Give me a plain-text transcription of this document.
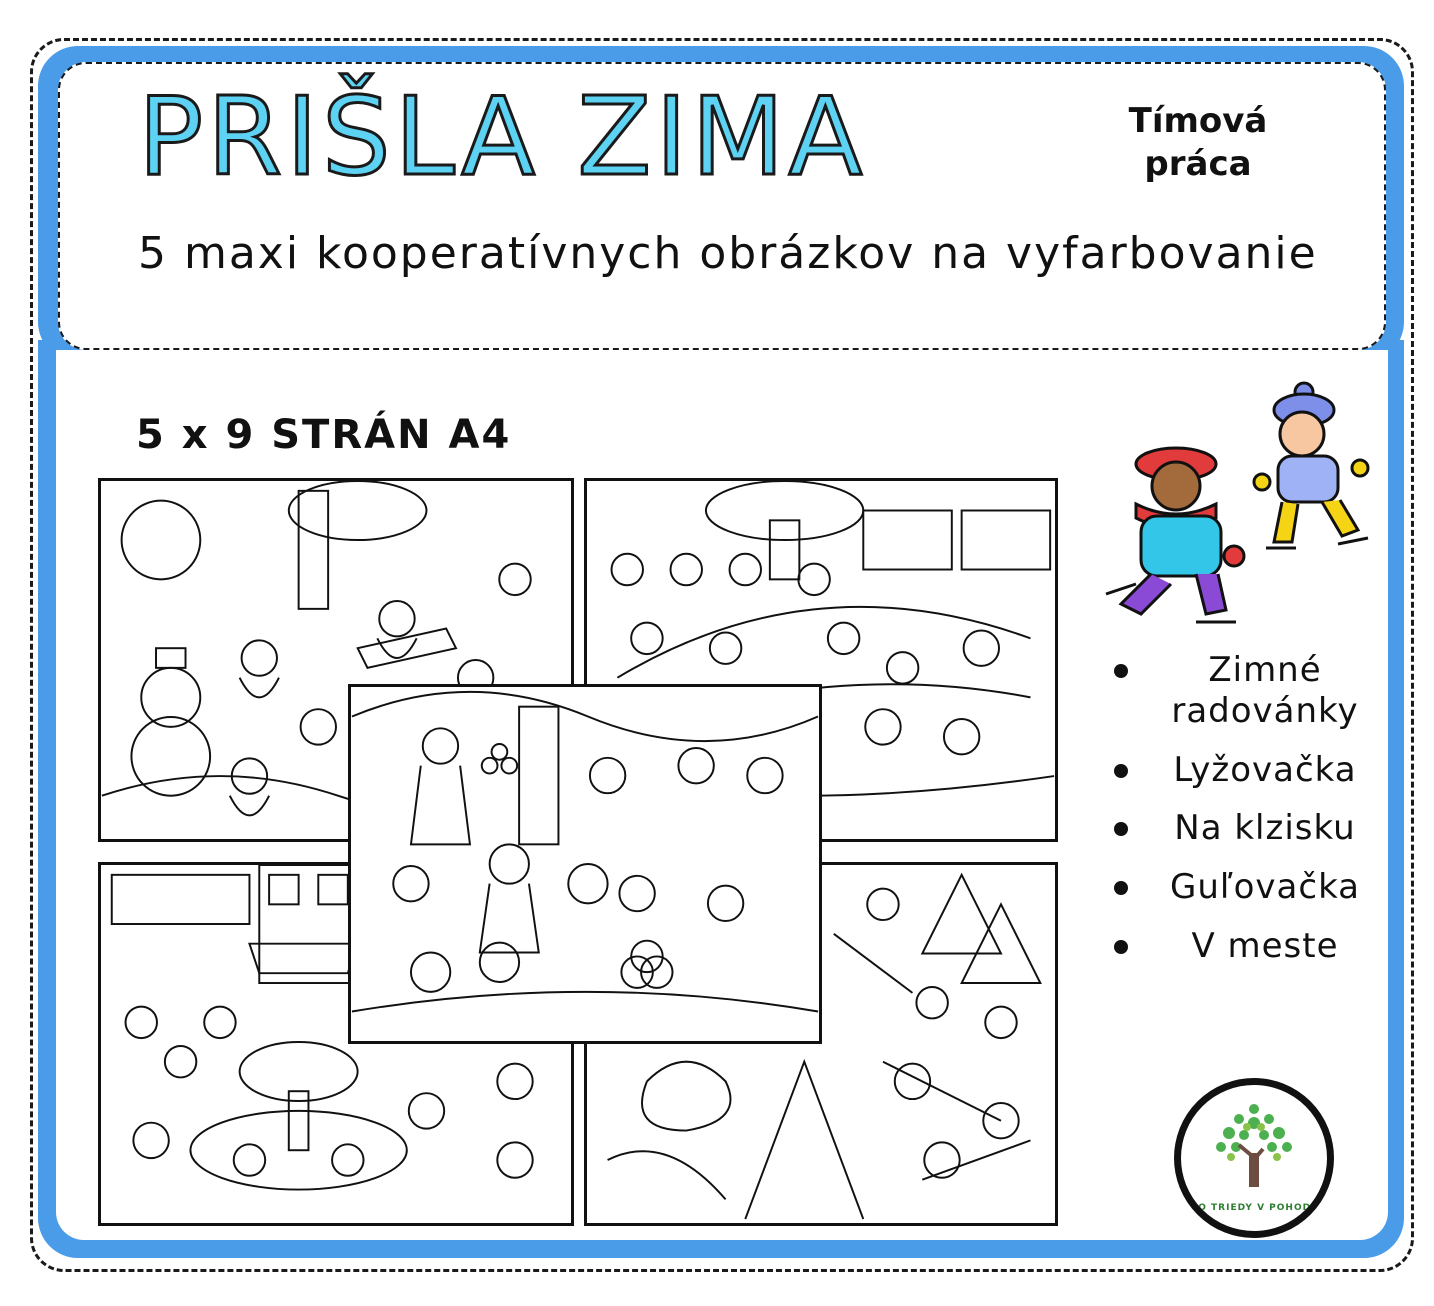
PRIŠLA ZIMA	Tímová
práca
5 maxi kooperatívnych obrázkov na vyfarbovanie
5 x 9 STRÁN A4
Zimné radovánky
Lyžovačka
Na klzisku
Guľovačka
V meste
DO TRIEDY V POHODE
